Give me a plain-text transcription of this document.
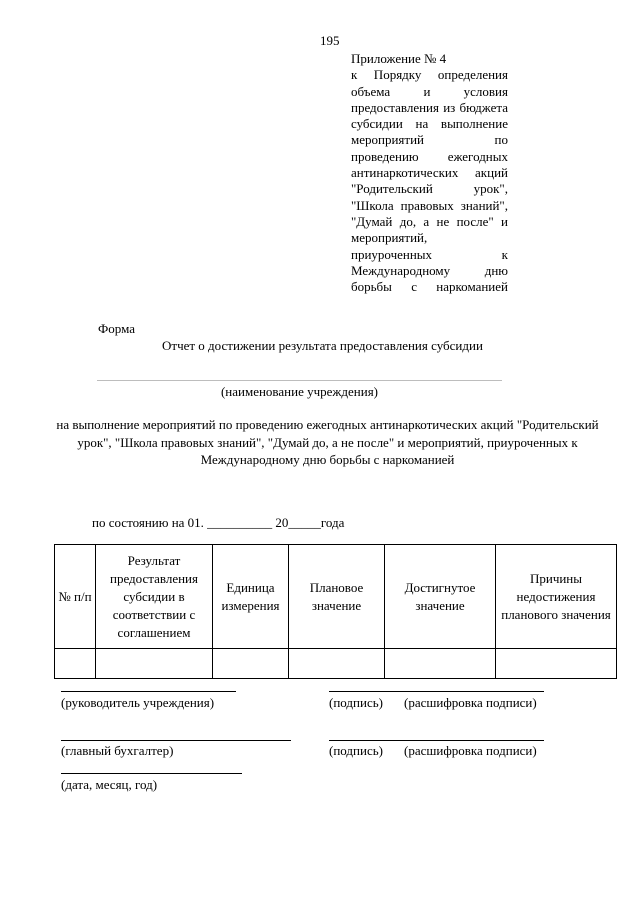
195
Приложение № 4
к Порядку определения объема и условия предоставления из бюджета субсидии на выполнение мероприятий по проведению ежегодных антинаркотических акций "Родительский урок", "Школа правовых знаний", "Думай до, а не после" и мероприятий, приуроченных к Международному дню
борьбы с наркоманией
Форма
Отчет о достижении результата предоставления субсидии
(наименование учреждения)
на выполнение мероприятий по проведению ежегодных антинаркотических акций "Родительский урок", "Школа правовых знаний", "Думай до, а не после" и мероприятий, приуроченных к Международному дню борьбы с наркоманией
по состоянию на 01. __________ 20_____года
№ п/п	Результат предоставления субсидии в соответствии с соглашением	Единица измерения	Плановое значение	Достигнутое значение	Причины недостижения планового значения

(руководитель учреждения)	(подпись) (расшифровка подписи)
(главный бухгалтер)	(подпись) (расшифровка подписи)
(дата, месяц, год)
